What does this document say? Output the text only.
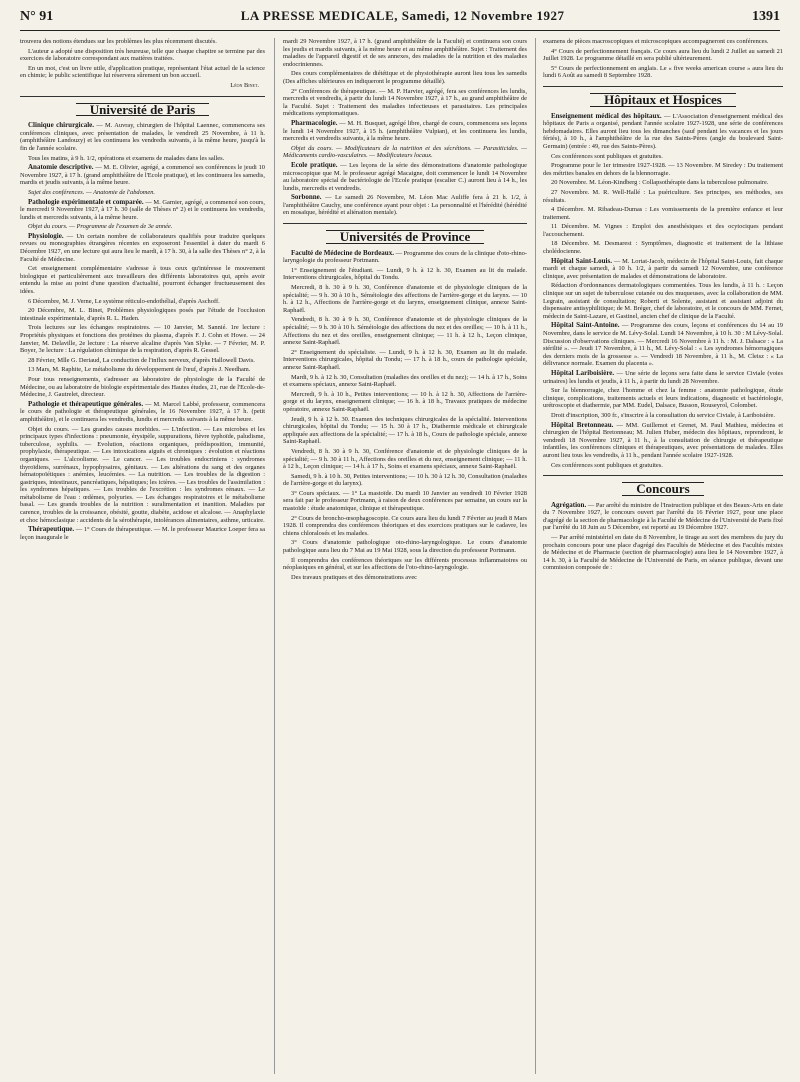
N° 91	LA PRESSE MEDICALE, Samedi, 12 Novembre 1927	1391

trouvera des notions étendues sur les problèmes les plus récemment discutés.

L'auteur a adopté une disposition très heureuse, telle que chaque chapitre se termine par des exercices de laboratoire correspondant aux matières traitées.

En un mot, c'est un livre utile, d'application pratique, représentant l'état actuel de la science en chimie; le public scientifique lui réservera sûrement un bon accueil.

Léon Binet.
Université de Paris

Clinique chirurgicale. — M. Auvray, chirurgien de l'hôpital Laennec, commencera ses conférences cliniques, avec présentation de malades, le vendredi 25 Novembre, à 11 h. (amphithéâtre Landouzy) et les continuera les vendredis suivants, à la même heure, jusqu'à la fin de l'année scolaire.

Tous les matins, à 9 h. 1/2, opérations et examens de malades dans les salles.

Anatomie descriptive. — M. E. Olivier, agrégé, a commencé ses conférences le jeudi 10 Novembre 1927, à 17 h. (grand amphithéâtre de l'Ecole pratique), et les continuera les samedis, mardis et jeudis suivants, à la même heure.

Sujet des conférences. — Anatomie de l'abdomen.

Pathologie expérimentale et comparée. — M. Garnier, agrégé, a commencé son cours, le mercredi 9 Novembre 1927, à 17 h. 30 (salle de Thèses n° 2) et le continuera les vendredis, lundis et mercredis suivants, à la même heure.

Objet du cours. — Programme de l'examen de 3e année.

Physiologie. — Un certain nombre de collaborateurs qualifiés pour traduire quelques revues ou monographies étrangères récentes en exposeront l'essentiel à dater du mardi 6 Décembre 1927, en une lecture qui aura lieu le mardi, à 17 h. 30, à la salle des Thèses n° 2, à la Faculté de Médecine.

Cet enseignement complémentaire s'adresse à tous ceux qu'intéresse le mouvement biologique et particulièrement aux travailleurs des différents laboratoires qui, après avoir entendu la mise au point d'une question d'actualité, pourront échanger fructueusement des idées.

6 Décembre, M. J. Verne, Le système réticulo-endothélial, d'après Aschoff.

20 Décembre, M. L. Binet, Problèmes physiologiques posés par l'étude de l'occlusion intestinale expérimentale, d'après R. L. Haden.

Trois lectures sur les échanges respiratoires. — 10 Janvier, M. Sannié. 1re lecture : Propriétés physiques et fonctions des protéines du plasma, d'après F. J. Cohn et Howe. — 24 Janvier, M. Delaville, 2e lecture : La réserve alcaline d'après Van Slyke. — 7 Février, M. P. Boyer, 3e lecture : La régulation chimique de la respiration, d'après R. Gessel.

28 Février, Mlle G. Deriaud, La conduction de l'influx nerveux, d'après Hallowell Davis.

13 Mars, M. Raphite, Le métabolisme du développement de l'œuf, d'après J. Needham.

Pour tous renseignements, s'adresser au laboratoire de physiologie de la Faculté de Médecine, ou au laboratoire de biologie expérimentale des Hautes études, 21, rue de l'Ecole-de-Médecine, J. Gautrelet, directeur.

Pathologie et thérapeutique générales. — M. Marcel Labbé, professeur, commencera le cours de pathologie et thérapeutique générales, le 16 Novembre 1927, à 17 h. (petit amphithéâtre), et le continuera les vendredis, lundis et mercredis suivants à la même heure.

Objet du cours. — Les grandes causes morbides. — L'infection. — Les microbes et les principaux types d'infections : pneumonie, érysipèle, suppurations, fièvre typhoïde, paludisme, tuberculose, syphilis. — Evolution, réactions organiques, prédisposition, immunité, prophylaxie, thérapeutique. — Les intoxications aiguës et chroniques : évolution et réactions organiques. — L'alcoolisme. — Le cancer. — Les troubles endocriniens : syndromes thyroïdiens, surrénaux, hypophysaires, génitaux. — Les altérations du sang et des organes hématopoïétiques : anémies, leucémies. — La nutrition. — Les troubles de la digestion : gastriques, intestinaux, pancréatiques, hépatiques; les ictères. — Les troubles de l'assimilation : les syndromes hépatiques. — Les troubles de l'excrétion : les syndromes rénaux. — Le métabolisme de l'eau : œdèmes, polyuries. — Les échanges respiratoires et le métabolisme basal. — Les grands troubles de la nutrition : suralimentation et inanition. Maladies par carence, troubles de la croissance, obésité, goutte, diabète, acidose et alcalose. — Anaphylaxie et choc hémoclasique : accidents de la sérothérapie, intolérances alimentaires, asthme, urticaire.

Thérapeutique. — 1° Cours de thérapeutique. — M. le professeur Maurice Loeper fera sa leçon inaugurale le

mardi 29 Novembre 1927, à 17 h. (grand amphithéâtre de la Faculté) et continuera son cours les jeudis et mardis suivants, à la même heure et au même amphithéâtre. Sujet : Traitement des maladies de l'appareil digestif et de ses annexes, des maladies de la nutrition et des maladies endocriniennes.

Des cours complémentaires de diététique et de physiothérapie auront lieu tous les samedis (Des affiches ultérieures en indiqueront le programme détaillé).

2° Conférences de thérapeutique. — M. P. Harvier, agrégé, fera ses conférences les lundis, mercredis et vendredis, à partir du lundi 14 Novembre 1927, à 17 h., au grand amphithéâtre de la Faculté. Sujet : Traitement des maladies infectieuses et parasitaires. Les principales médications symptomatiques.

Pharmacologie. — M. H. Busquet, agrégé libre, chargé de cours, commencera ses leçons le lundi 14 Novembre 1927, à 15 h. (amphithéâtre Vulpian), et les continuera les lundis, mercredis et vendredis suivants, à la même heure.

Objet du cours. — Modificateurs de la nutrition et des sécrétions. — Parasiticides. — Médicaments cardio-vasculaires. — Modificateurs locaux.

Ecole pratique. — Les leçons de la série des démonstrations d'anatomie pathologique microscopique que M. le professeur agrégé Macaigne, doit commencer le lundi 14 Novembre au laboratoire spécial de bactériologie de l'Ecole pratique (escalier C.) auront lieu à 14 h., les lundis, mercredis et vendredis.

Sorbonne. — Le samedi 26 Novembre, M. Léon Mac Auliffe fera à 21 h. 1/2, à l'amphithéâtre Cauchy, une conférence ayant pour objet : La personnalité et l'hérédité (hérédité en mosaïque, hérédité et aliénation mentale).

Universités de Province

Faculté de Médecine de Bordeaux. — Programme des cours de la clinique d'oto-rhino-laryngologie du professeur Portmann.

1° Enseignement de l'étudiant. — Lundi, 9 h. à 12 h. 30, Examen au lit du malade. Interventions chirurgicales, hôpital du Tondu.

Mercredi, 8 h. 30 à 9 h. 30, Conférence d'anatomie et de physiologie cliniques de la spécialité; — 9 h. 30 à 10 h., Séméiologie des affections de l'arrière-gorge et du larynx. — 10 h. à 12 h., Affections de l'arrière-gorge et du larynx, enseignement clinique, annexe Saint-Raphaël.

Vendredi, 8 h. 30 à 9 h. 30, Conférence d'anatomie et de physiologie cliniques de la spécialité; — 9 h. 30 à 10 h. Séméiologie des affections du nez et des oreilles; — 10 h. à 11 h., Affections du nez et des oreilles, enseignement clinique; — 11 h. à 12 h., Leçon clinique, annexe Saint-Raphaël.

2° Enseignement du spécialiste. — Lundi, 9 h. à 12 h. 30, Examen au lit du malade. Interventions chirurgicales, hôpital du Tondu; — 17 h. à 18 h., cours de pathologie spéciale, annexe Saint-Raphaël.

Mardi, 9 h. à 12 h. 30, Consultation (maladies des oreilles et du nez); — 14 h. à 17 h., Soins et examens spéciaux, annexe Saint-Raphaël.

Mercredi, 9 h. à 10 h., Petites interventions; — 10 h. à 12 h. 30, Affections de l'arrière-gorge et du larynx, enseignement clinique; — 16 h. à 18 h., Travaux pratiques de médecine opératoire, annexe Saint-Raphaël.

Jeudi, 9 h. à 12 h. 30. Examen des techniques chirurgicales de la spécialité. Interventions chirurgicales, hôpital du Tondu; — 15 h. 30 à 17 h., Diathermie médicale et chirurgicale appliquée aux affections de la spécialité; — 17 h. à 18 h., Cours de pathologie spéciale, annexe Saint-Raphaël.

Vendredi, 8 h. 30 à 9 h. 30, Conférence d'anatomie et de physiologie cliniques de la spécialité; — 9 h. 30 à 11 h., Affections des oreilles et du nez, enseignement clinique; — 11 h. à 12 h., Leçon clinique; — 14 h. à 17 h., Soins et examens spéciaux, annexe Saint-Raphaël.

Samedi, 9 h. à 10 h. 30, Petites interventions; — 10 h. 30 à 12 h. 30, Consultation (maladies de l'arrière-gorge et du larynx).

3° Cours spéciaux. — 1° La mastoïde. Du mardi 10 Janvier au vendredi 10 Février 1928 sera fait par le professeur Portmann, à raison de deux conférences par semaine, un cours sur la mastoïde : étude anatomique, clinique et thérapeutique.

2° Cours de broncho-œsophagoscopie. Ce cours aura lieu du lundi 7 Février au jeudi 8 Mars 1928. Il comprendra des conférences théoriques et des exercices pratiques sur le cadavre, les chiens chloralosés et les malades.

3° Cours d'anatomie pathologique oto-rhino-laryngologique. Le cours d'anatomie pathologique aura lieu du 7 Mai au 19 Mai 1928, sous la direction du professeur Portmann.

Il comprendra des conférences théoriques sur les différents processus inflammatoires ou néoplasiques en général, et sur les affections de l'oto-rhino-laryngologie.

Des travaux pratiques et des démonstrations avec

examens de pièces macroscopiques et microscopiques accompagneront ces conférences.

4° Cours de perfectionnement français. Ce cours aura lieu du lundi 2 Juillet au samedi 21 Juillet 1928. Le programme détaillé en sera publié ultérieurement.

5° Cours de perfectionnement en anglais. Le « five weeks american course » aura lieu du lundi 6 Août au samedi 8 Septembre 1928.

Hôpitaux et Hospices

Enseignement médical des hôpitaux. — L'Association d'enseignement médical des hôpitaux de Paris a organisé, pendant l'année scolaire 1927-1928, une série de conférences hebdomadaires. Elles auront lieu tous les dimanches (sauf pendant les vacances et les jours fériés), à 10 h., à l'amphithéâtre de la rue des Saints-Pères (angle du boulevard Saint-Germain) (entrée : 49, rue des Saints-Pères).

Ces conférences sont publiques et gratuites.

Programme pour le 1er trimestre 1927-1928. — 13 Novembre. M Siredey : Du traitement des métrites banales en dehors de la blennorragie.

20 Novembre. M. Léon-Kindberg : Collapsothérapie dans la tuberculose pulmonaire.

27 Novembre. M. R. Well-Hallé : La puériculture. Ses principes, ses méthodes, ses résultats.

4 Décembre. M. Ribadeau-Dumas : Les vomissements de la première enfance et leur traitement.

11 Décembre. M. Vignes : Emploi des anesthésiques et des ocytociques pendant l'accouchement.

18 Décembre. M. Desmarest : Symptômes, diagnostic et traitement de la lithiase cholédocienne.

Hôpital Saint-Louis. — M. Lortat-Jacob, médecin de l'hôpital Saint-Louis, fait chaque mardi et chaque samedi, à 10 h. 1/2, à partir du samedi 12 Novembre, une conférence clinique, avec présentation de malades et démonstrations de laboratoire.

Rédaction d'ordonnances dermatologiques commentées. Tous les lundis, à 11 h. : Leçon clinique sur un sujet de tuberculose cutanée ou des muqueuses, avec la collaboration de MM. Legrain, assistant de consultation; Roberti et Solente, assistant et assistant adjoint du dispensaire antisyphilitique; de M. Bréger, chef de laboratoire, et le concours de MM. Fernet, médecin de Saint-Lazare, et Gastinel, ancien chef de clinique de la Faculté.

Hôpital Saint-Antoine. — Programme des cours, leçons et conférences du 14 au 19 Novembre, dans le service de M. Lévy-Solal. Lundi 14 Novembre, à 10 h. 30 : M Lévy-Solal. Discussion d'observations cliniques. — Mercredi 16 Novembre à 11 h. : M. J. Dalsace : « La stérilité ». — Jeudi 17 Novembre, à 11 h., M. Lévy-Solal : « Les syndromes hémorragiques des derniers mois de la grossesse ». — Vendredi 18 Novembre, à 11 h., M. Cleisz : « La délivrance normale. Examen du placenta ».

Hôpital Lariboisière. — Une série de leçons sera faite dans le service Civiale (voies urinaires) les lundis et jeudis, à 11 h., à partir du lundi 28 Novembre.

Sur la blennorragie, chez l'homme et chez la femme : anatomie pathologique, étude clinique, complications, traitements actuels et leurs indications, diagnostic et bactériologie, urétroscopie et diathermie, par MM. Eudel, Dalsace, Busson, Rouseyrol, Colombet.

Droit d'inscription, 300 fr., s'inscrire à la consultation du service Civiale, à Lariboisière.

Hôpital Bretonneau. — MM. Guillemot et Grenet, M. Paul Mathieu, médecins et chirurgien de l'hôpital Bretonneau; M. Julien Huber, médecin des hôpitaux, reprendront, le vendredi 18 Novembre 1927, à 11 h., à la consultation de chirurgie et thérapeutique infantiles, les conférences cliniques et thérapeutiques, avec présentations de malades. Elles auront lieu tous les vendredis, à 11 h., pendant l'année scolaire 1927-1928.

Ces conférences sont publiques et gratuites.

Concours

Agrégation. — Par arrêté du ministre de l'Instruction publique et des Beaux-Arts en date du 7 Novembre 1927, le concours ouvert par l'arrêté du 16 Février 1927, pour une place d'agrégé de la section de pharmacologie à la Faculté de Médecine de l'Université de Paris fixé par l'arrêté du 18 Juin au 5 Décembre, est reporté au 19 Décembre 1927.

— Par arrêté ministériel en date du 8 Novembre, le tirage au sort des membres du jury du prochain concours pour une place d'agrégé des Facultés de Médecine et des Facultés mixtes de Médecine et de Pharmacie (section de pharmacologie) aura lieu le 14 Novembre 1927, à 14 h. 30, à la Faculté de Médecine de l'Université de Paris, en séance publique, devant une commission composée de :
